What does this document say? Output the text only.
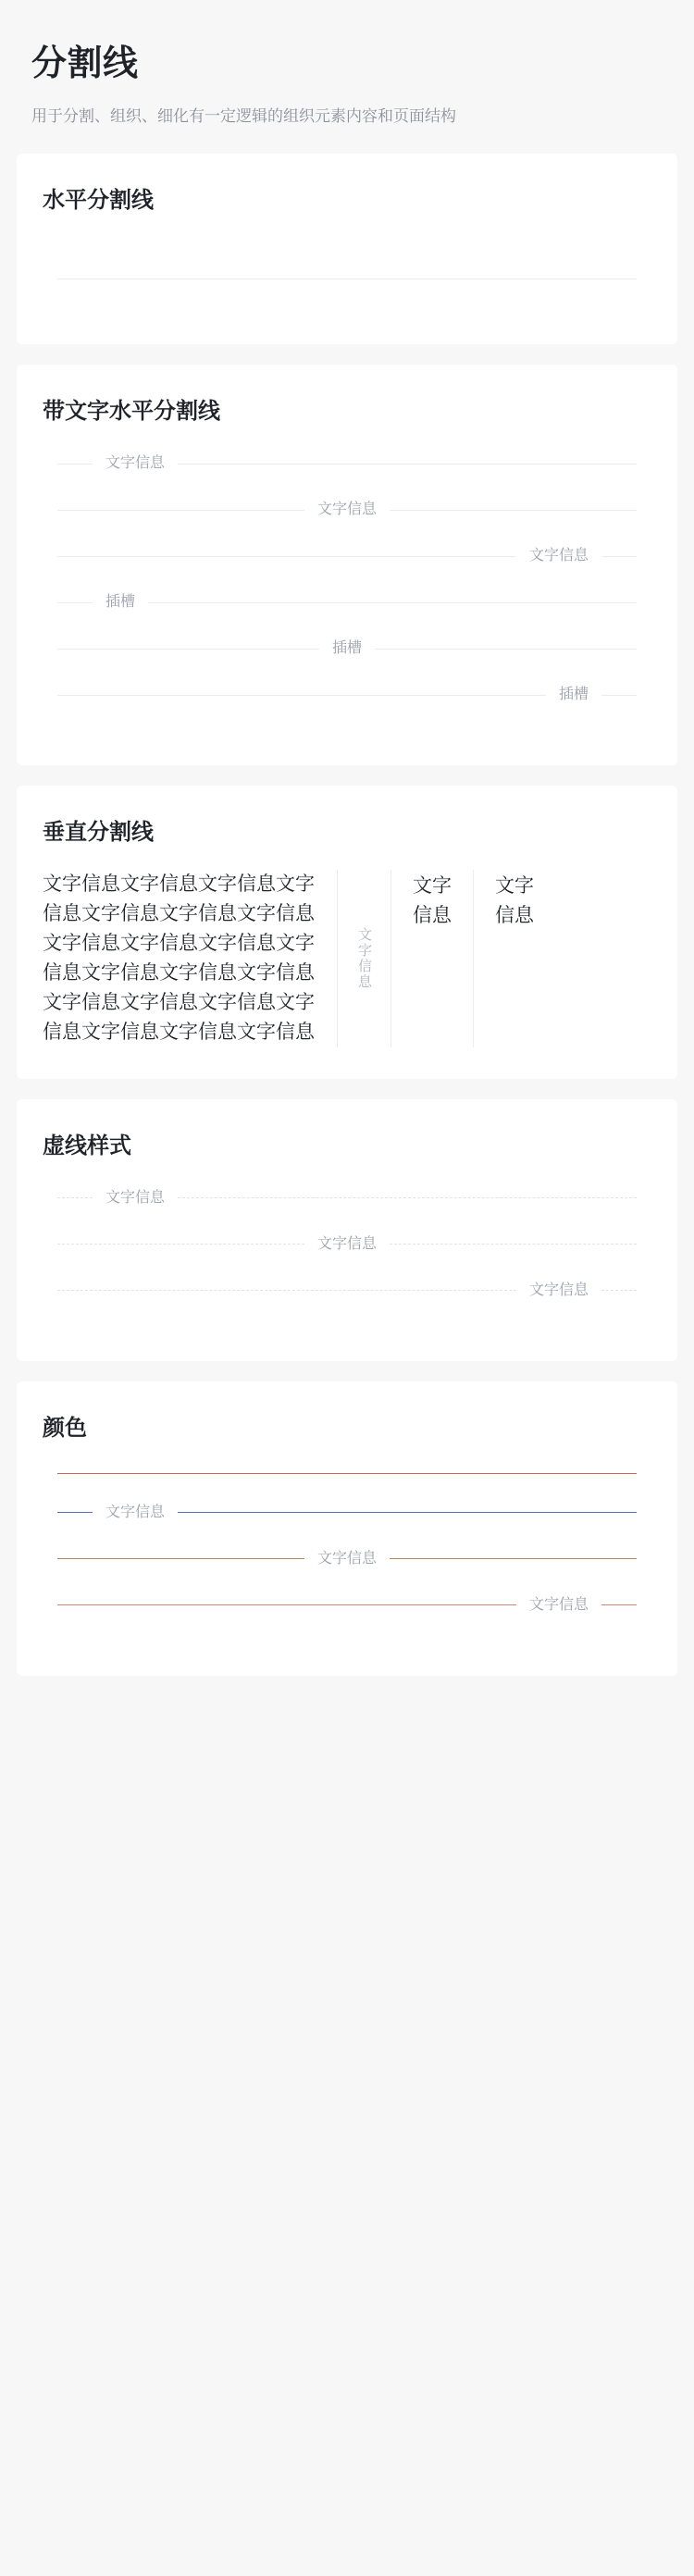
分割线

用于分割、组织、细化有一定逻辑的组织元素内容和页面结构

水平分割线
带文字水平分割线
文字信息
文字信息
文字信息
插槽
插槽
插槽
垂直分割线
文字信息文字信息文字信息文字信息文字信息文字信息文字信息文字信息文字信息文字信息文字信息文字信息文字信息文字信息文字信息文字信息文字信息文字信息文字信息文字信息文字信息
文字信息
文字信息
文字信息
虚线样式
文字信息
文字信息
文字信息
颜色
文字信息
文字信息
文字信息
